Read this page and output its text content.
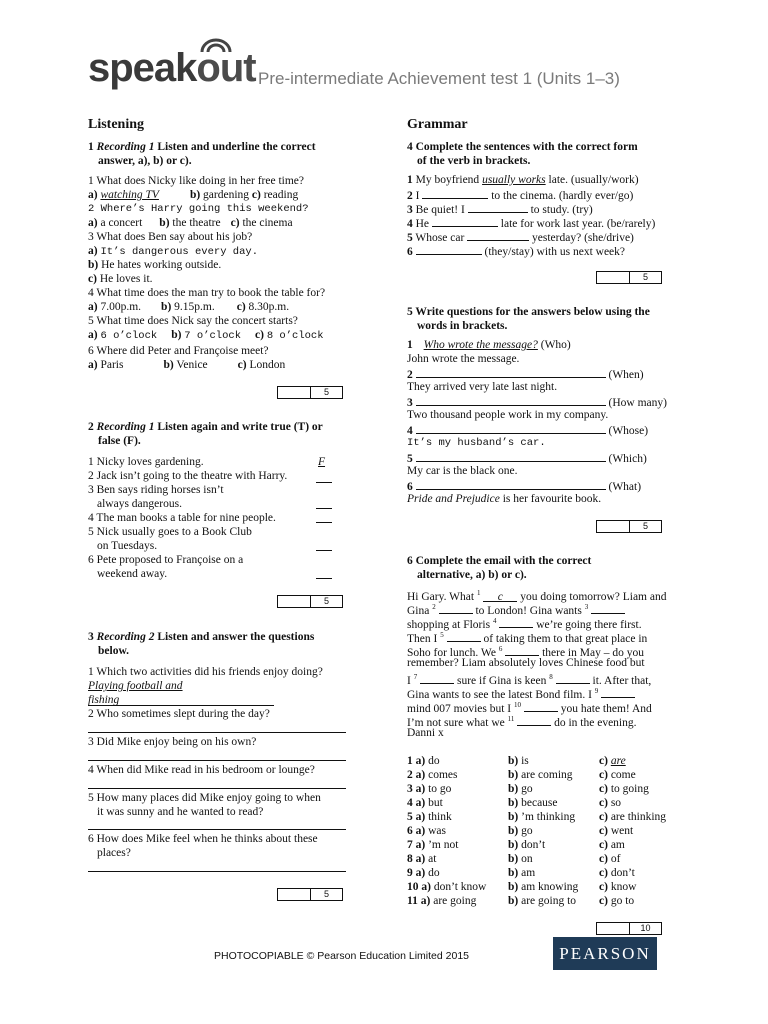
speakout Pre-intermediate Achievement test 1 (Units 1–3)
Listening
1 Recording 1 Listen and underline the correct
answer, a), b) or c).
1 What does Nicky like doing in her free time?
a) watching TV	b) gardening c) reading
2 Where’s Harry going this weekend?
a) a concert b) the theatre c) the cinema
3 What does Ben say about his job?
a) It’s dangerous every day.
b) He hates working outside.
c) He loves it.
4 What time does the man try to book the table for?
a) 7.00p.m. b) 9.15p.m. c) 8.30p.m.
5 What time does Nick say the concert starts?
a) 6 o’clock b) 7 o’clock c) 8 o’clock
6 Where did Peter and Françoise meet?
a) Paris	b) Venice	c) London
5
2 Recording 1 Listen again and write true (T) or
false (F).
1 Nicky loves gardening.	F
2 Jack isn’t going to the theatre with Harry.
3 Ben says riding horses isn’t
always dangerous.
4 The man books a table for nine people.
5 Nick usually goes to a Book Club
on Tuesdays.
6 Pete proposed to Françoise on a
weekend away.
5
3 Recording 2 Listen and answer the questions
below.
1 Which two activities did his friends enjoy doing?
Playing football and
fishing
2 Who sometimes slept during the day?
3 Did Mike enjoy being on his own?
4 When did Mike read in his bedroom or lounge?
5 How many places did Mike enjoy going to when
it was sunny and he wanted to read?
6 How does Mike feel when he thinks about these
places?
5
Grammar
4 Complete the sentences with the correct form
of the verb in brackets.
1 My boyfriend usually works late. (usually/work)
2 I	to the cinema. (hardly ever/go)
3 Be quiet! I	to study. (try)
4 He	late for work last year. (be/rarely)
5 Whose car	yesterday? (she/drive)
6	(they/stay) with us next week?
5
5 Write questions for the answers below using the
words in brackets.
1 Who wrote the message? (Who)
John wrote the message.
2	(When)
They arrived very late last night.
3	(How many)
Two thousand people work in my company.
4	(Whose)
It’s my husband’s car.
5	(Which)
My car is the black one.
6	(What)
Pride and Prejudice is her favourite book.
5
6 Complete the email with the correct
alternative, a) b) or c).
Hi Gary. What $^1$ c you doing tomorrow? Liam and
Gina $^2$	to London! Gina wants $^3$
shopping at Floris $^4$	we’re going there first.
Then I $^5$	of taking them to that great place in
Soho for lunch. We $^6$	there in May – do you
remember? Liam absolutely loves Chinese food but
I $^7$	sure if Gina is keen $^8$	it. After that,
Gina wants to see the latest Bond film. I $^9$
mind 007 movies but I $^{10}$	you hate them! And
I’m not sure what we $^{11}$	do in the evening.
Danni x
1 a) do	b) is	c) are
2 a) comes	b) are coming	c) come
3 a) to go	b) go	c) to going
4 a) but	b) because	c) so
5 a) think	b) ’m thinking	c) are thinking
6 a) was	b) go	c) went
7 a) ’m not	b) don’t	c) am
8 a) at	b) on	c) of
9 a) do	b) am	c) don’t
10 a) don’t know	b) am knowing	c) know
11 a) are going	b) are going to	c) go to
10
PHOTOCOPIABLE © Pearson Education Limited 2015	PEARSON
